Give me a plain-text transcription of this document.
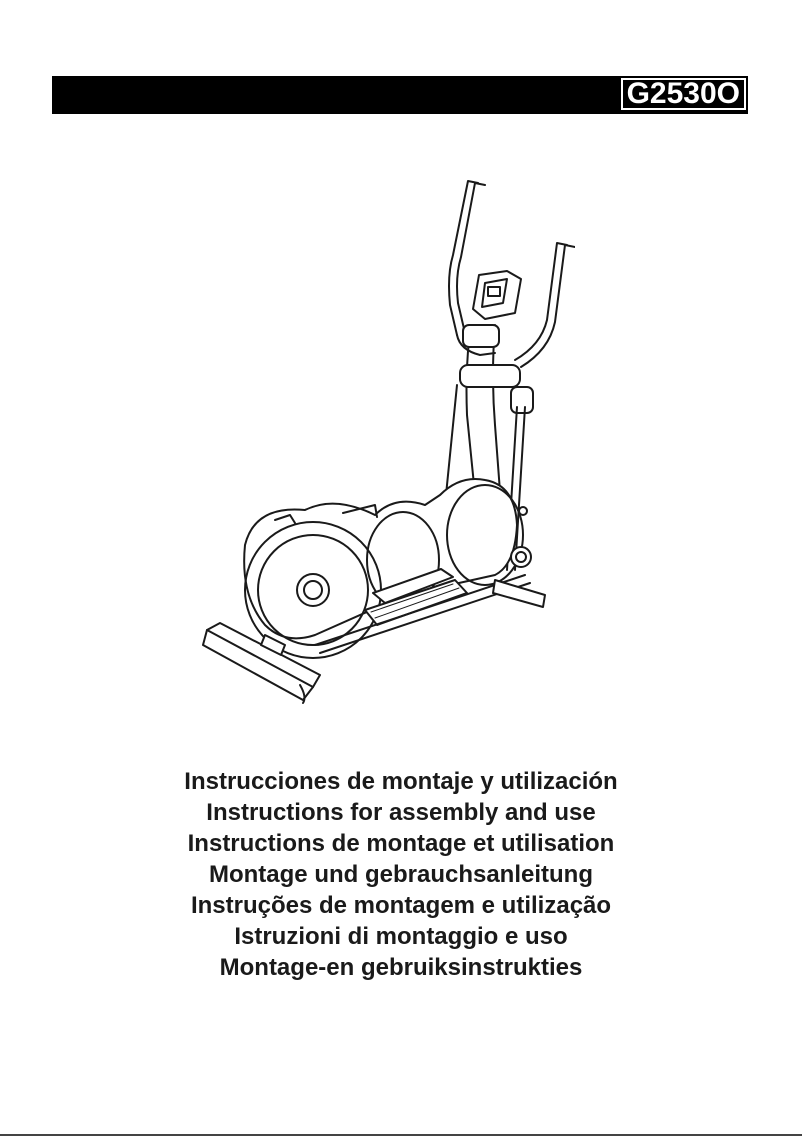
G2530O
Instrucciones de montaje y utilización
Instructions for assembly and use
Instructions de montage et utilisation
Montage und gebrauchsanleitung
Instruções de montagem e utilização
Istruzioni di montaggio e uso
Montage-en gebruiksinstrukties
